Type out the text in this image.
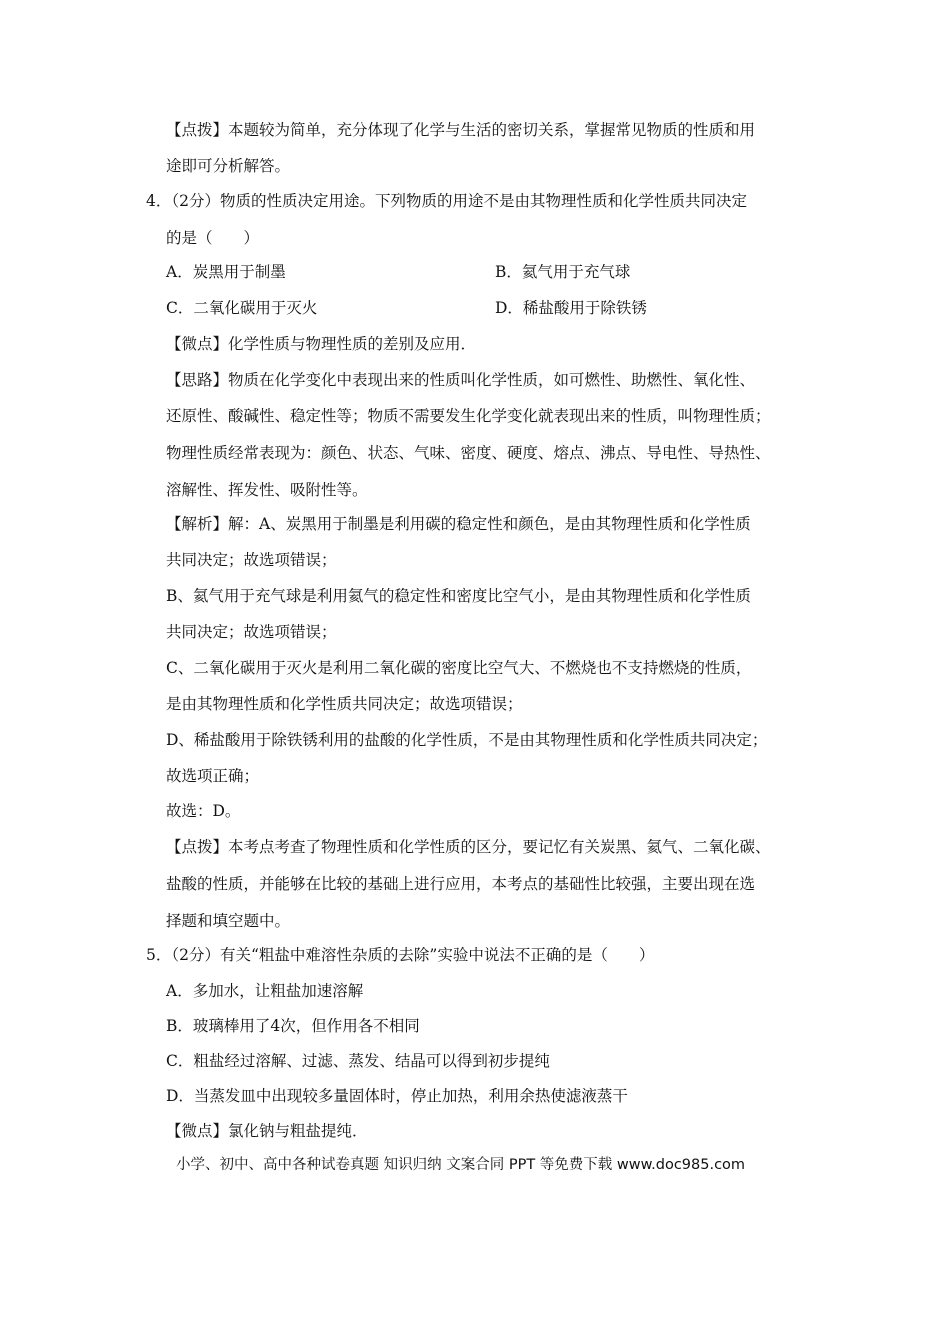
【点拨】本题较为简单，充分体现了化学与生活的密切关系，掌握常见物质的性质和用
途即可分析解答。
4．（2分）物质的性质决定用途。下列物质的用途不是由其物理性质和化学性质共同决定
的是（　　）
A．炭黑用于制墨	B．氦气用于充气球
C．二氧化碳用于灭火	D．稀盐酸用于除铁锈
【微点】化学性质与物理性质的差别及应用．
【思路】物质在化学变化中表现出来的性质叫化学性质，如可燃性、助燃性、氧化性、
还原性、酸碱性、稳定性等；物质不需要发生化学变化就表现出来的性质，叫物理性质；
物理性质经常表现为：颜色、状态、气味、密度、硬度、熔点、沸点、导电性、导热性、
溶解性、挥发性、吸附性等。
【解析】解：A、炭黑用于制墨是利用碳的稳定性和颜色，是由其物理性质和化学性质
共同决定；故选项错误；
B、氦气用于充气球是利用氦气的稳定性和密度比空气小，是由其物理性质和化学性质
共同决定；故选项错误；
C、二氧化碳用于灭火是利用二氧化碳的密度比空气大、不燃烧也不支持燃烧的性质，
是由其物理性质和化学性质共同决定；故选项错误；
D、稀盐酸用于除铁锈利用的盐酸的化学性质，不是由其物理性质和化学性质共同决定；
故选项正确；
故选：D。
【点拨】本考点考查了物理性质和化学性质的区分，要记忆有关炭黑、氦气、二氧化碳、
盐酸的性质，并能够在比较的基础上进行应用，本考点的基础性比较强，主要出现在选
择题和填空题中。
5．（2分）有关“粗盐中难溶性杂质的去除”实验中说法不正确的是（　　）
A．多加水，让粗盐加速溶解
B．玻璃棒用了4次，但作用各不相同
C．粗盐经过溶解、过滤、蒸发、结晶可以得到初步提纯
D．当蒸发皿中出现较多量固体时，停止加热，利用余热使滤液蒸干
【微点】氯化钠与粗盐提纯．
小学、初中、高中各种试卷真题 知识归纳 文案合同 PPT 等免费下载 www.doc985.com
